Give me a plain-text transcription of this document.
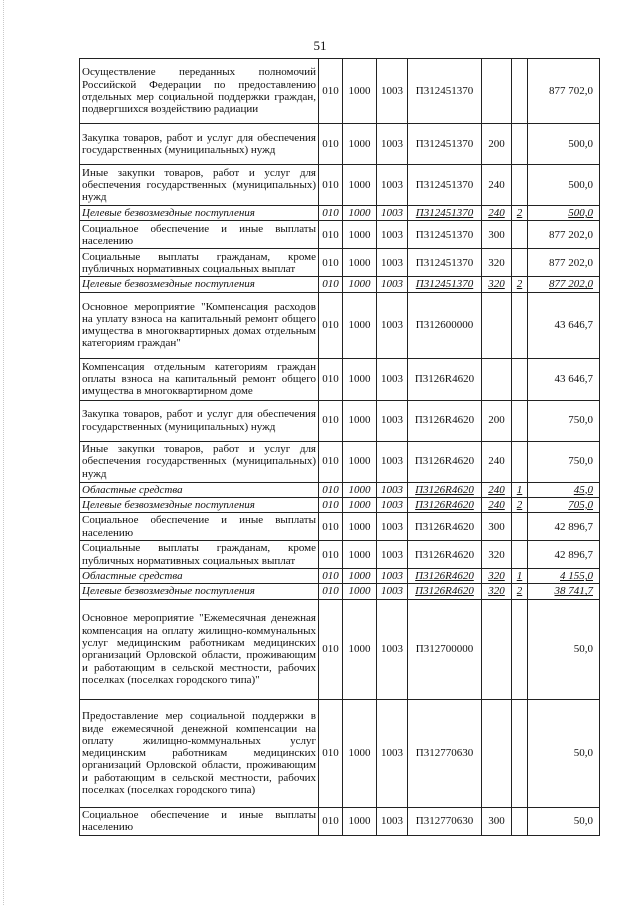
51
Осуществление переданных полномочий Российской Федерации по предоставлению отдельных мер социальной поддержки граждан, подвергшихся воздействию радиации	010	1000	1003	П312451370			877 702,0
Закупка товаров, работ и услуг для обеспечения государственных (муниципальных) нужд	010	1000	1003	П312451370	200		500,0
Иные закупки товаров, работ и услуг для обеспечения государственных (муниципальных) нужд	010	1000	1003	П312451370	240		500,0
Целевые безвозмездные поступления	010	1000	1003	П312451370	240	2	500,0
Социальное обеспечение и иные выплаты населению	010	1000	1003	П312451370	300		877 202,0
Социальные выплаты гражданам, кроме публичных нормативных социальных выплат	010	1000	1003	П312451370	320		877 202,0
Целевые безвозмездные поступления	010	1000	1003	П312451370	320	2	877 202,0
Основное мероприятие "Компенсация расходов на уплату взноса на капитальный ремонт общего имущества в многоквартирных домах отдельным категориям граждан"	010	1000	1003	П312600000			43 646,7
Компенсация отдельным категориям граждан оплаты взноса на капитальный ремонт общего имущества в многоквартирном доме	010	1000	1003	П3126R4620			43 646,7
Закупка товаров, работ и услуг для обеспечения государственных (муниципальных) нужд	010	1000	1003	П3126R4620	200		750,0
Иные закупки товаров, работ и услуг для обеспечения государственных (муниципальных) нужд	010	1000	1003	П3126R4620	240		750,0
Областные средства	010	1000	1003	П3126R4620	240	1	45,0
Целевые безвозмездные поступления	010	1000	1003	П3126R4620	240	2	705,0
Социальное обеспечение и иные выплаты населению	010	1000	1003	П3126R4620	300		42 896,7
Социальные выплаты гражданам, кроме публичных нормативных социальных выплат	010	1000	1003	П3126R4620	320		42 896,7
Областные средства	010	1000	1003	П3126R4620	320	1	4 155,0
Целевые безвозмездные поступления	010	1000	1003	П3126R4620	320	2	38 741,7
Основное мероприятие "Ежемесячная денежная компенсация на оплату жилищно-коммунальных услуг медицинским работникам медицинских организаций Орловской области, проживающим и работающим в сельской местности, рабочих поселках (поселках городского типа)"	010	1000	1003	П312700000			50,0
Предоставление мер социальной поддержки в виде ежемесячной денежной компенсации на оплату жилищно-коммунальных услуг медицинским работникам медицинских организаций Орловской области, проживающим и работающим в сельской местности, рабочих поселках (поселках городского типа)	010	1000	1003	П312770630			50,0
Социальное обеспечение и иные выплаты населению	010	1000	1003	П312770630	300		50,0
